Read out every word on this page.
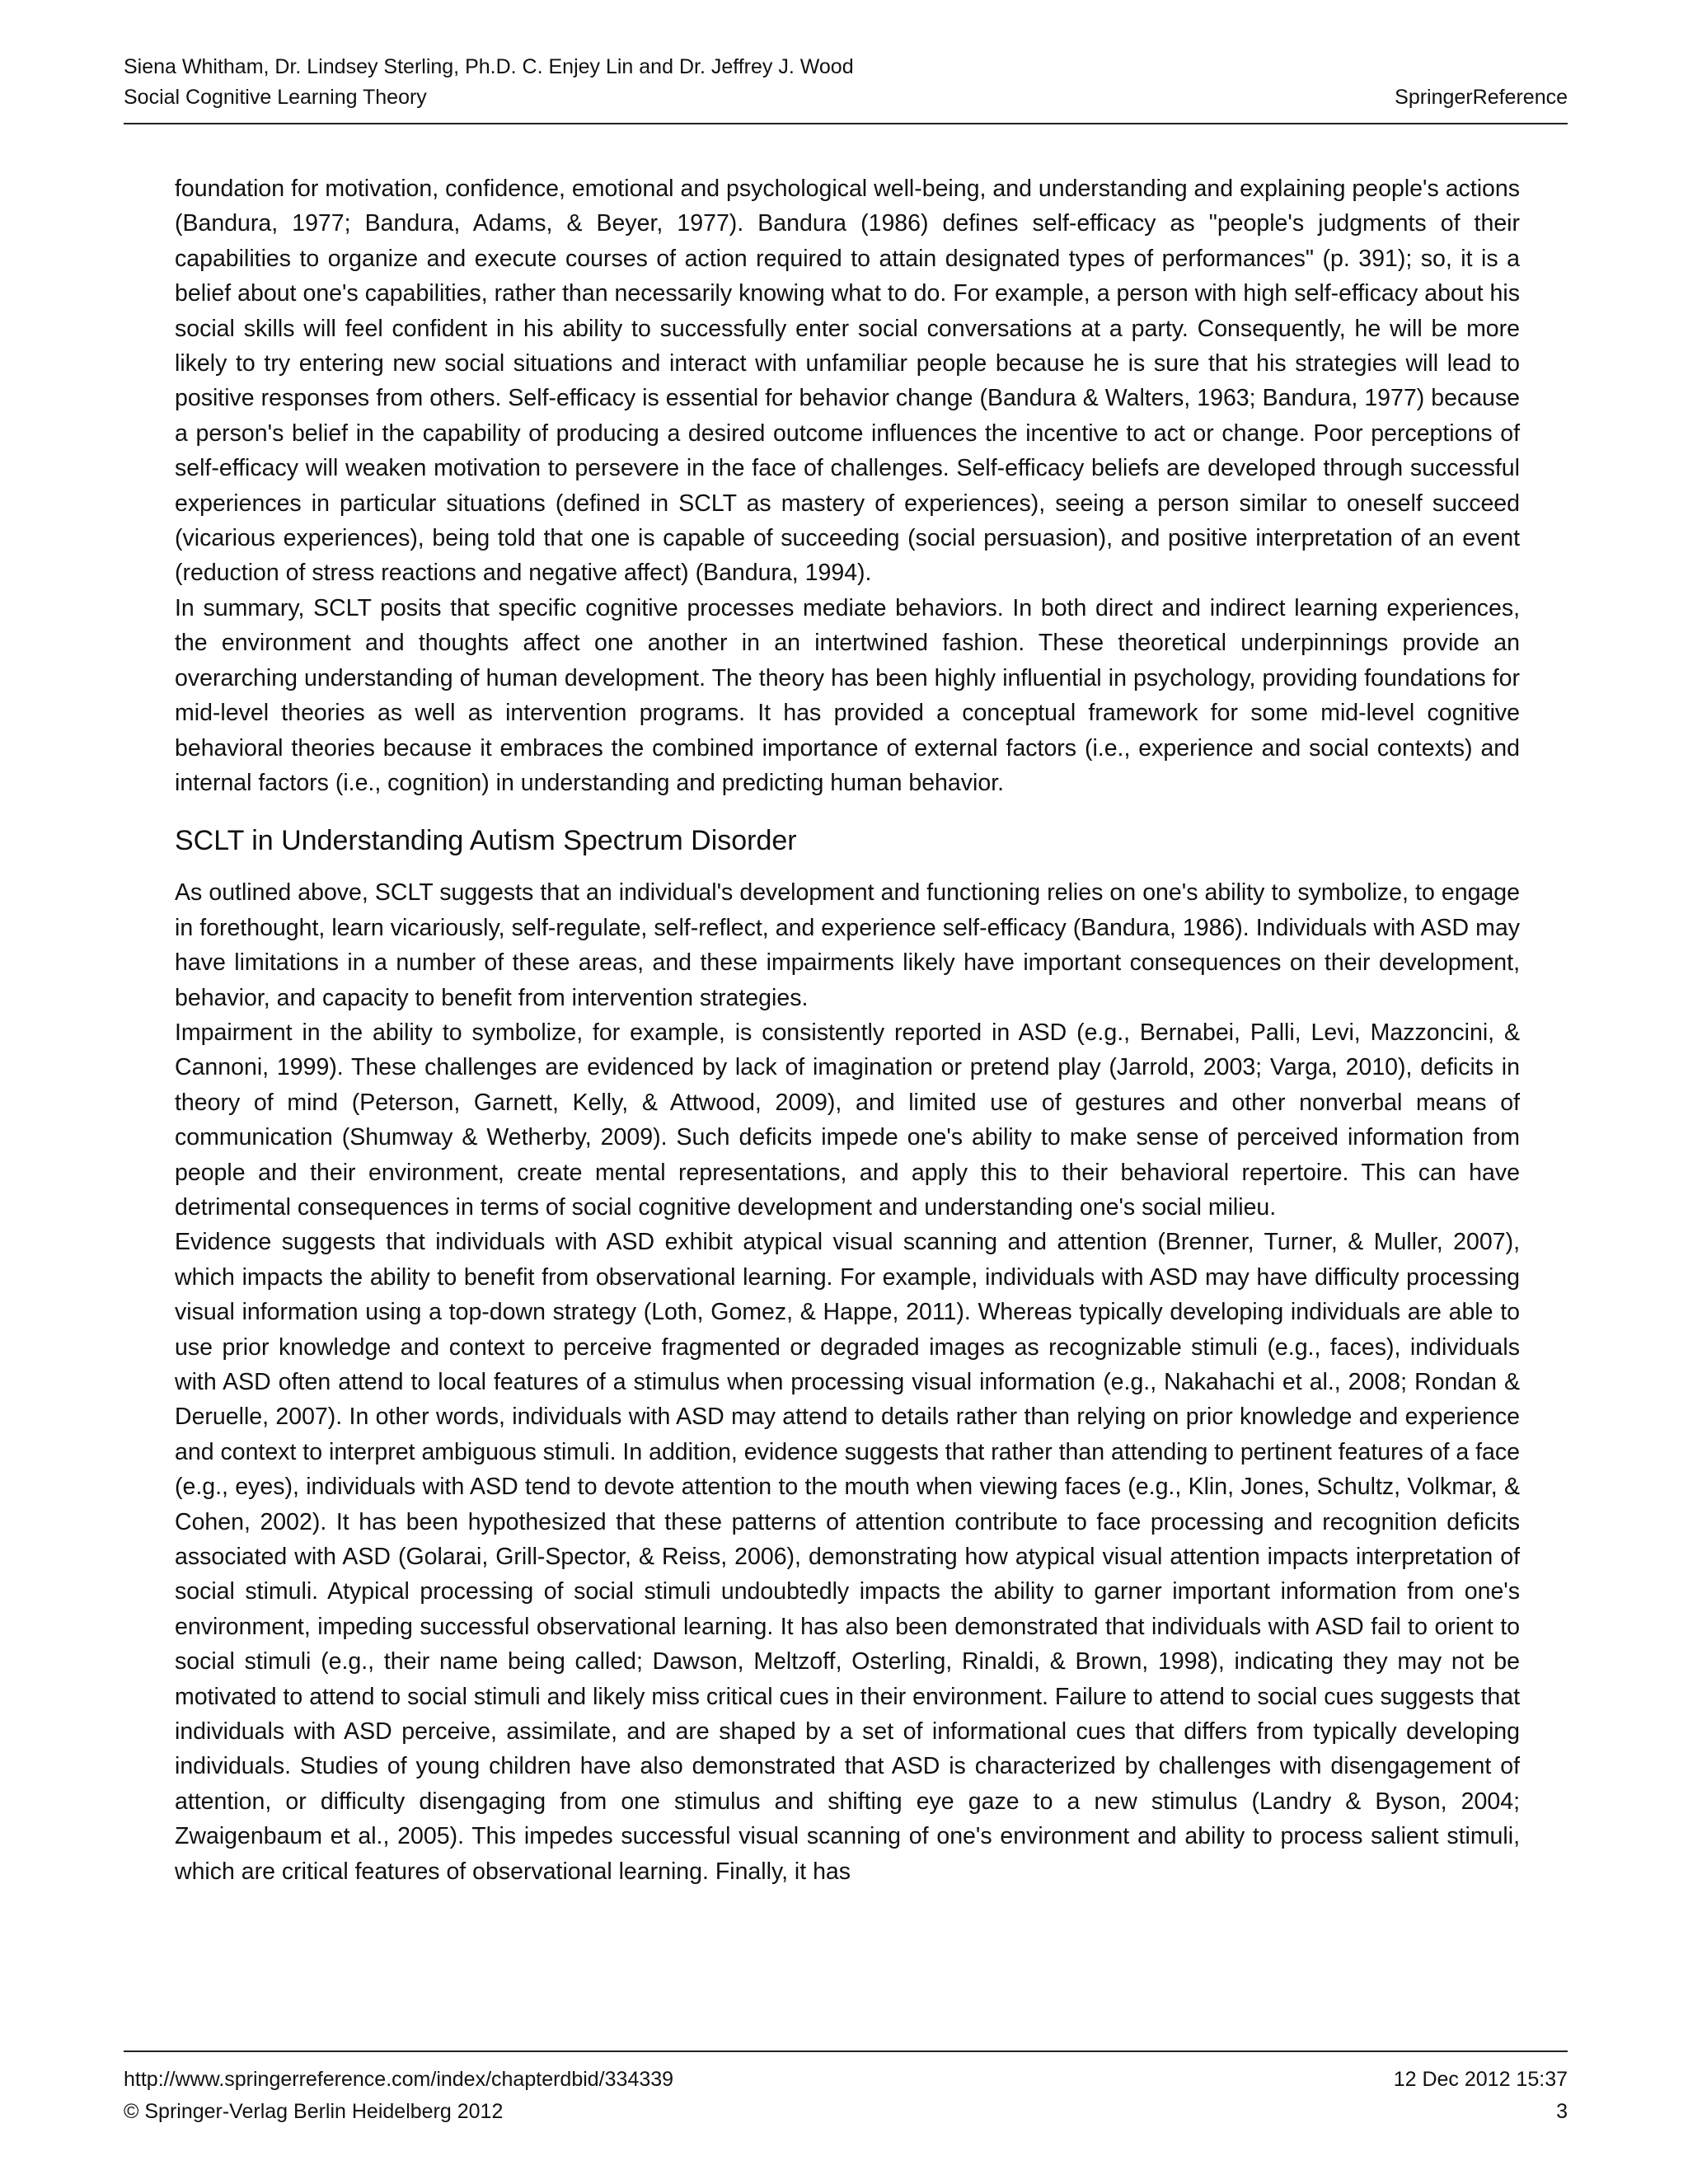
Siena Whitham, Dr. Lindsey Sterling, Ph.D. C. Enjey Lin and Dr. Jeffrey J. Wood
Social Cognitive Learning Theory	SpringerReference

foundation for motivation, confidence, emotional and psychological well-being, and understanding and explaining people's actions (Bandura, 1977; Bandura, Adams, & Beyer, 1977). Bandura (1986) defines self-efficacy as "people's judgments of their capabilities to organize and execute courses of action required to attain designated types of performances" (p. 391); so, it is a belief about one's capabilities, rather than necessarily knowing what to do. For example, a person with high self-efficacy about his social skills will feel confident in his ability to successfully enter social conversations at a party. Consequently, he will be more likely to try entering new social situations and interact with unfamiliar people because he is sure that his strategies will lead to positive responses from others. Self-efficacy is essential for behavior change (Bandura & Walters, 1963; Bandura, 1977) because a person's belief in the capability of producing a desired outcome influences the incentive to act or change. Poor perceptions of self-efficacy will weaken motivation to persevere in the face of challenges. Self-efficacy beliefs are developed through successful experiences in particular situations (defined in SCLT as mastery of experiences), seeing a person similar to oneself succeed (vicarious experiences), being told that one is capable of succeeding (social persuasion), and positive interpretation of an event (reduction of stress reactions and negative affect) (Bandura, 1994).

In summary, SCLT posits that specific cognitive processes mediate behaviors. In both direct and indirect learning experiences, the environment and thoughts affect one another in an intertwined fashion. These theoretical underpinnings provide an overarching understanding of human development. The theory has been highly influential in psychology, providing foundations for mid-level theories as well as intervention programs. It has provided a conceptual framework for some mid-level cognitive behavioral theories because it embraces the combined importance of external factors (i.e., experience and social contexts) and internal factors (i.e., cognition) in understanding and predicting human behavior.

SCLT in Understanding Autism Spectrum Disorder

As outlined above, SCLT suggests that an individual's development and functioning relies on one's ability to symbolize, to engage in forethought, learn vicariously, self-regulate, self-reflect, and experience self-efficacy (Bandura, 1986). Individuals with ASD may have limitations in a number of these areas, and these impairments likely have important consequences on their development, behavior, and capacity to benefit from intervention strategies.

Impairment in the ability to symbolize, for example, is consistently reported in ASD (e.g., Bernabei, Palli, Levi, Mazzoncini, & Cannoni, 1999). These challenges are evidenced by lack of imagination or pretend play (Jarrold, 2003; Varga, 2010), deficits in theory of mind (Peterson, Garnett, Kelly, & Attwood, 2009), and limited use of gestures and other nonverbal means of communication (Shumway & Wetherby, 2009). Such deficits impede one's ability to make sense of perceived information from people and their environment, create mental representations, and apply this to their behavioral repertoire. This can have detrimental consequences in terms of social cognitive development and understanding one's social milieu.

Evidence suggests that individuals with ASD exhibit atypical visual scanning and attention (Brenner, Turner, & Muller, 2007), which impacts the ability to benefit from observational learning. For example, individuals with ASD may have difficulty processing visual information using a top-down strategy (Loth, Gomez, & Happe, 2011). Whereas typically developing individuals are able to use prior knowledge and context to perceive fragmented or degraded images as recognizable stimuli (e.g., faces), individuals with ASD often attend to local features of a stimulus when processing visual information (e.g., Nakahachi et al., 2008; Rondan & Deruelle, 2007). In other words, individuals with ASD may attend to details rather than relying on prior knowledge and experience and context to interpret ambiguous stimuli. In addition, evidence suggests that rather than attending to pertinent features of a face (e.g., eyes), individuals with ASD tend to devote attention to the mouth when viewing faces (e.g., Klin, Jones, Schultz, Volkmar, & Cohen, 2002). It has been hypothesized that these patterns of attention contribute to face processing and recognition deficits associated with ASD (Golarai, Grill-Spector, & Reiss, 2006), demonstrating how atypical visual attention impacts interpretation of social stimuli. Atypical processing of social stimuli undoubtedly impacts the ability to garner important information from one's environment, impeding successful observational learning. It has also been demonstrated that individuals with ASD fail to orient to social stimuli (e.g., their name being called; Dawson, Meltzoff, Osterling, Rinaldi, & Brown, 1998), indicating they may not be motivated to attend to social stimuli and likely miss critical cues in their environment. Failure to attend to social cues suggests that individuals with ASD perceive, assimilate, and are shaped by a set of informational cues that differs from typically developing individuals. Studies of young children have also demonstrated that ASD is characterized by challenges with disengagement of attention, or difficulty disengaging from one stimulus and shifting eye gaze to a new stimulus (Landry & Byson, 2004; Zwaigenbaum et al., 2005). This impedes successful visual scanning of one's environment and ability to process salient stimuli, which are critical features of observational learning. Finally, it has

http://www.springerreference.com/index/chapterdbid/334339	12 Dec 2012 15:37
© Springer-Verlag Berlin Heidelberg 2012	3
